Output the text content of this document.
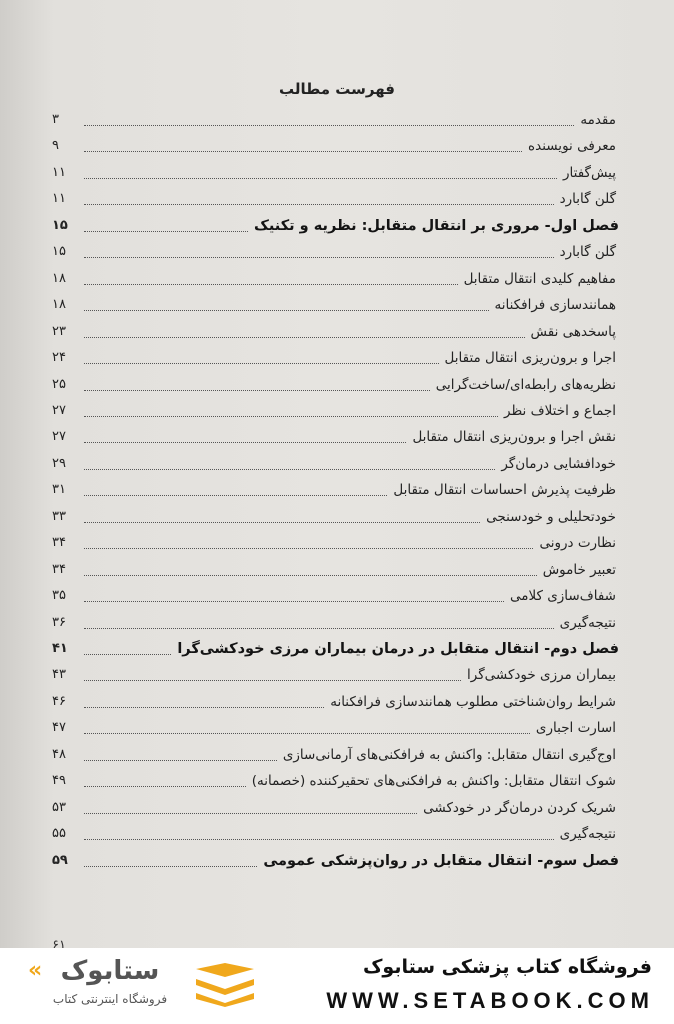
فهرست مطالب
مقدمه
۳
معرفی نویسنده
۹
پیش‌گفتار
۱۱
گلن گابارد
۱۱
فصل اول- مروری بر انتقال متقابل: نظریه و تکنیک
۱۵
گلن گابارد
۱۵
مفاهیم کلیدی انتقال متقابل
۱۸
همانندسازی فرافکنانه
۱۸
پاسخدهی نقش
۲۳
اجرا و برون‌ریزی انتقال متقابل
۲۴
نظریه‌های رابطه‌ای/ساخت‌گرایی
۲۵
اجماع و اختلاف نظر
۲۷
نقش اجرا و برون‌ریزی انتقال متقابل
۲۷
خودافشایی درمان‌گر
۲۹
ظرفیت پذیرش احساسات انتقال متقابل
۳۱
خودتحلیلی و خودسنجی
۳۳
نظارت درونی
۳۴
تعبیر خاموش
۳۴
شفاف‌سازی کلامی
۳۵
نتیجه‌گیری
۳۶
فصل دوم- انتقال متقابل در درمان بیماران مرزی خودکشی‌گرا
۴۱
بیماران مرزی خودکشی‌گرا
۴۳
شرایط روان‌شناختی مطلوب همانندسازی فرافکنانه
۴۶
اسارت اجباری
۴۷
اوج‌گیری انتقال متقابل: واکنش به فرافکنی‌های آرمانی‌سازی
۴۸
شوک انتقال متقابل: واکنش به فرافکنی‌های تحقیرکننده (خصمانه)
۴۹
شریک کردن درمان‌گر در خودکشی
۵۳
نتیجه‌گیری
۵۵
فصل سوم- انتقال متقابل در روان‌پزشکی عمومی
۵۹
۶۱
« ستابوک
فروشگاه اینترنتی کتاب
فروشگاه کتاب پزشکی ستابوک
WWW.SETABOOK.COM
